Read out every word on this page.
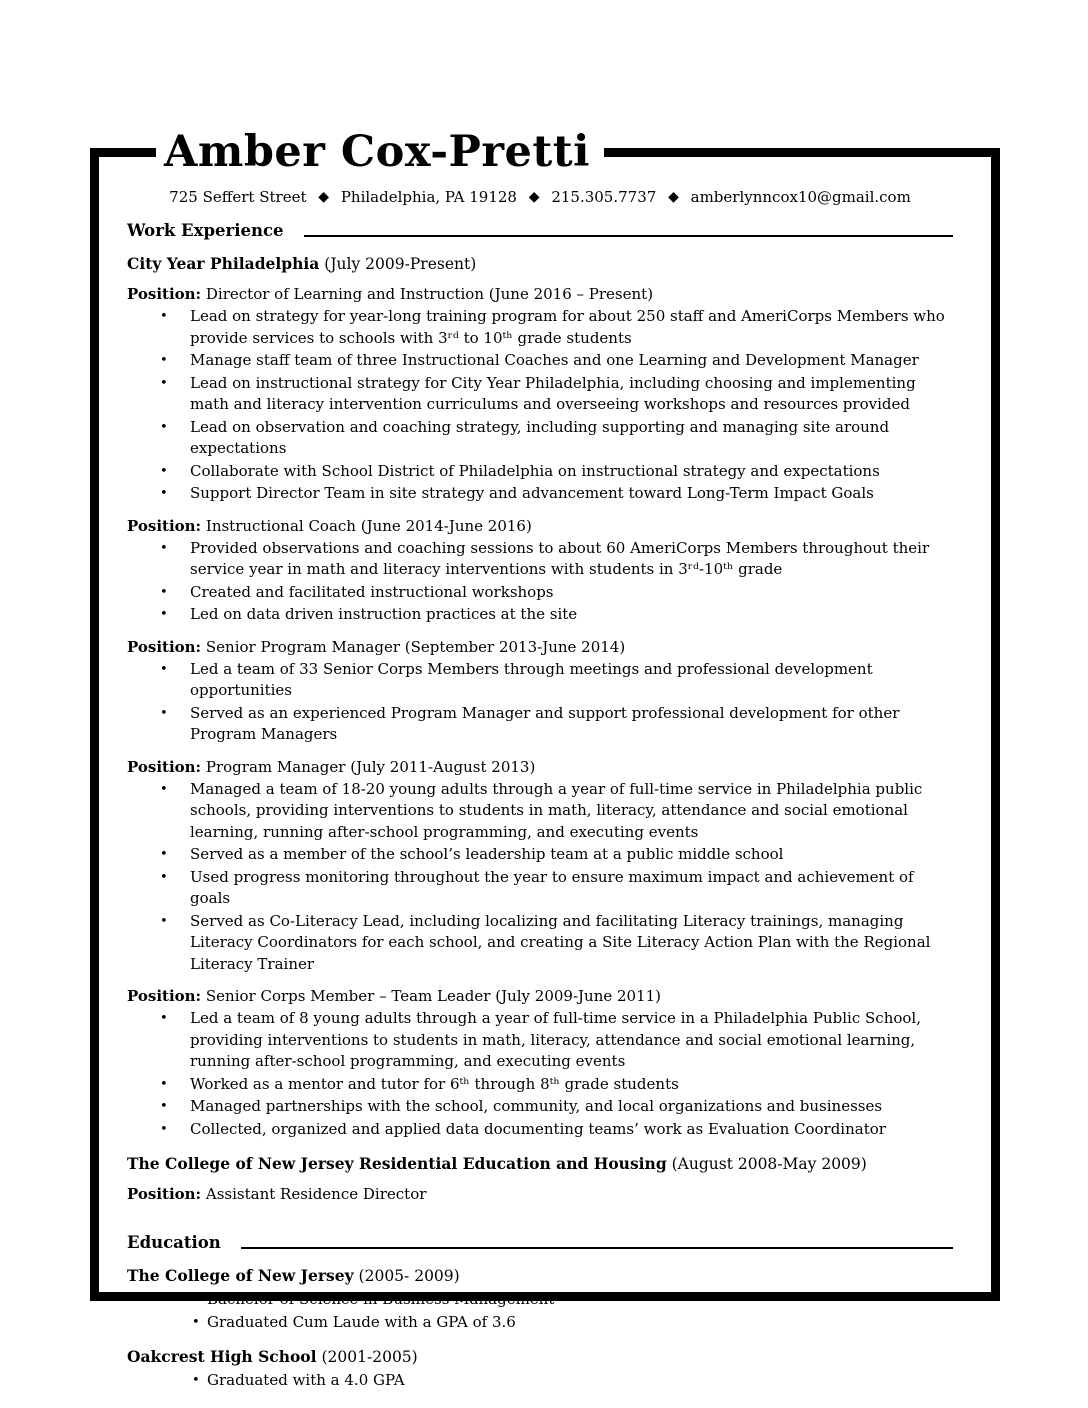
Amber Cox-Pretti
725 Seffert Street ◆ Philadelphia, PA 19128 ◆ 215.305.7737 ◆ amberlynncox10@gmail.com
Work Experience

City Year Philadelphia (July 2009-Present)

Position: Director of Learning and Instruction (June 2016 – Present)

• Lead on strategy for year-long training program for about 250 staff and AmeriCorps Members who provide services to schools with 3ʳᵈ to 10ᵗʰ grade students
• Manage staff team of three Instructional Coaches and one Learning and Development Manager
• Lead on instructional strategy for City Year Philadelphia, including choosing and implementing math and literacy intervention curriculums and overseeing workshops and resources provided
• Lead on observation and coaching strategy, including supporting and managing site around expectations
• Collaborate with School District of Philadelphia on instructional strategy and expectations
• Support Director Team in site strategy and advancement toward Long-Term Impact Goals

Position: Instructional Coach (June 2014-June 2016)

• Provided observations and coaching sessions to about 60 AmeriCorps Members throughout their service year in math and literacy interventions with students in 3ʳᵈ-10ᵗʰ grade
• Created and facilitated instructional workshops
• Led on data driven instruction practices at the site

Position: Senior Program Manager (September 2013-June 2014)

• Led a team of 33 Senior Corps Members through meetings and professional development opportunities
• Served as an experienced Program Manager and support professional development for other Program Managers

Position: Program Manager (July 2011-August 2013)

• Managed a team of 18-20 young adults through a year of full-time service in Philadelphia public schools, providing interventions to students in math, literacy, attendance and social emotional learning, running after-school programming, and executing events
• Served as a member of the school’s leadership team at a public middle school
• Used progress monitoring throughout the year to ensure maximum impact and achievement of goals
• Served as Co-Literacy Lead, including localizing and facilitating Literacy trainings, managing Literacy Coordinators for each school, and creating a Site Literacy Action Plan with the Regional Literacy Trainer

Position: Senior Corps Member – Team Leader (July 2009-June 2011)

• Led a team of 8 young adults through a year of full-time service in a Philadelphia Public School, providing interventions to students in math, literacy, attendance and social emotional learning, running after-school programming, and executing events
• Worked as a mentor and tutor for 6ᵗʰ through 8ᵗʰ grade students
• Managed partnerships with the school, community, and local organizations and businesses
• Collected, organized and applied data documenting teams’ work as Evaluation Coordinator

The College of New Jersey Residential Education and Housing (August 2008-May 2009)

Position: Assistant Residence Director

Education

The College of New Jersey (2005- 2009)

• Bachelor of Science in Business Management
• Graduated Cum Laude with a GPA of 3.6

Oakcrest High School (2001-2005)

• Graduated with a 4.0 GPA
